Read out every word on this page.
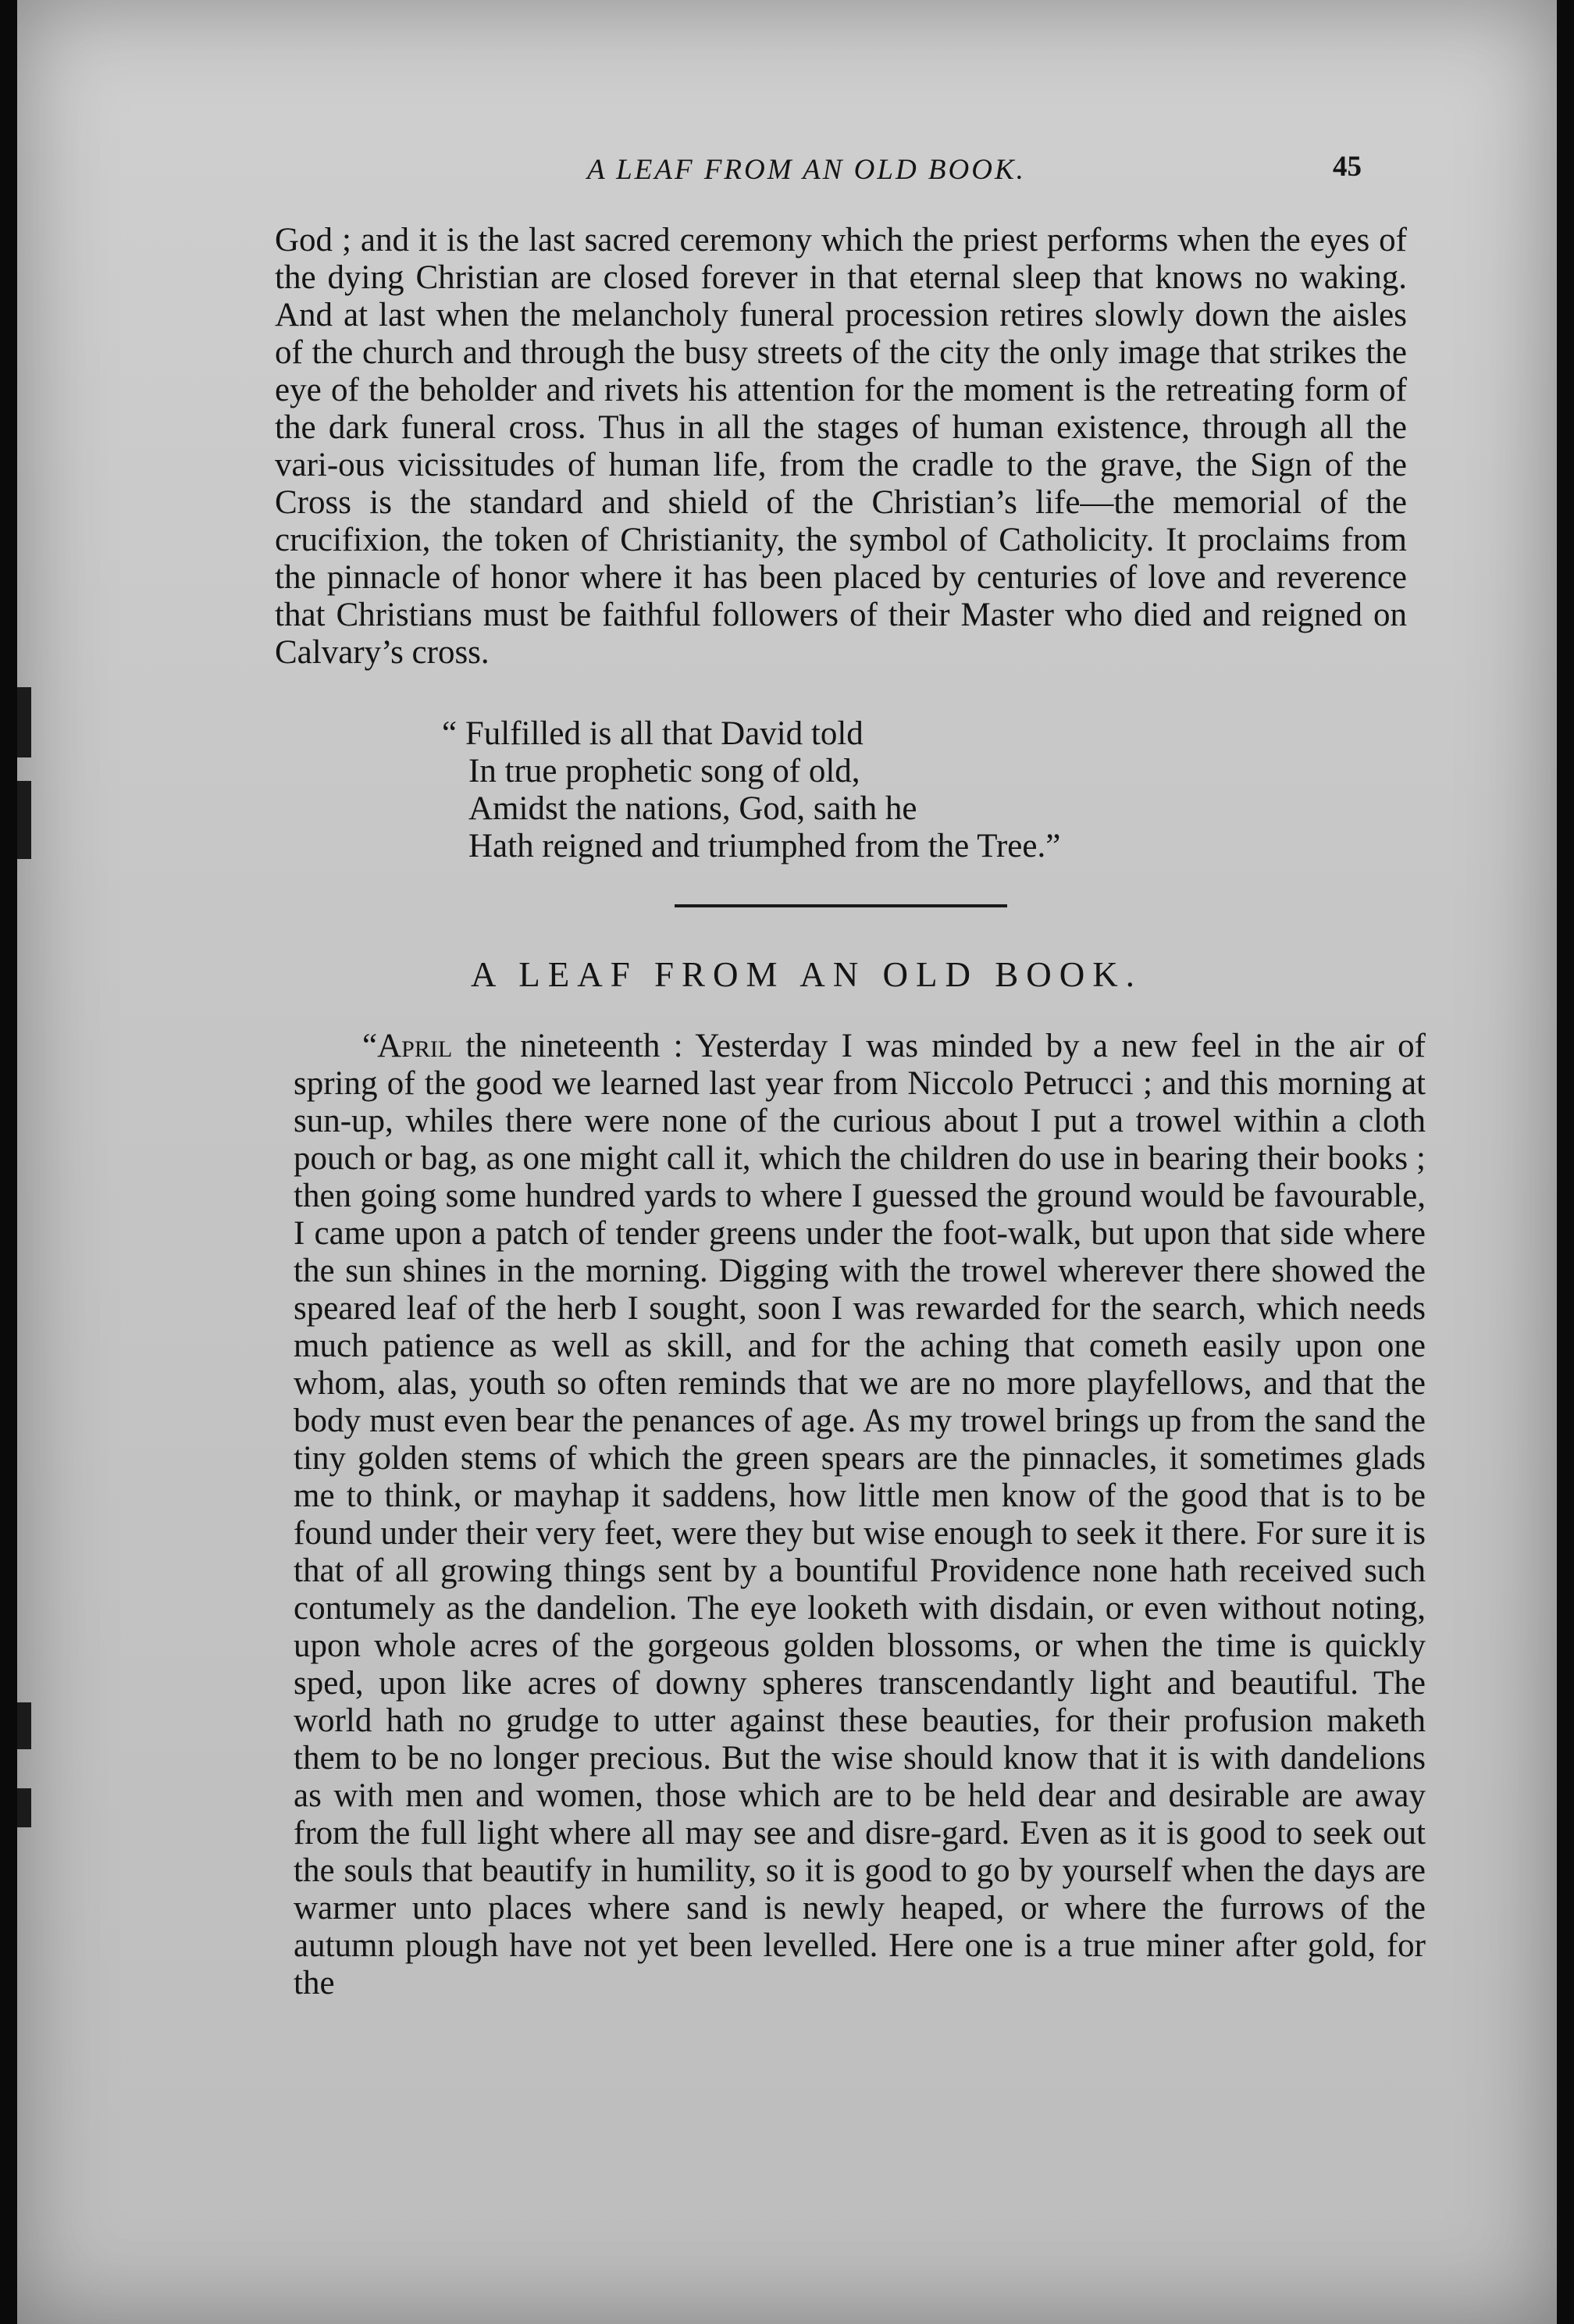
A LEAF FROM AN OLD BOOK.	45

God ; and it is the last sacred ceremony which the priest performs when the eyes of the dying Christian are closed forever in that eternal sleep that knows no waking. And at last when the melancholy funeral procession retires slowly down the aisles of the church and through the busy streets of the city the only image that strikes the eye of the beholder and rivets his attention for the moment is the retreating form of the dark funeral cross. Thus in all the stages of human existence, through all the vari-ous vicissitudes of human life, from the cradle to the grave, the Sign of the Cross is the standard and shield of the Christian’s life—the memorial of the crucifixion, the token of Christianity, the symbol of Catholicity. It proclaims from the pinnacle of honor where it has been placed by centuries of love and reverence that Christians must be faithful followers of their Master who died and reigned on Calvary’s cross.

“ Fulfilled is all that David told
In true prophetic song of old,
Amidst the nations, God, saith he
Hath reigned and triumphed from the Tree.”
A LEAF FROM AN OLD BOOK.

“April the nineteenth : Yesterday I was minded by a new feel in the air of spring of the good we learned last year from Niccolo Petrucci ; and this morning at sun-up, whiles there were none of the curious about I put a trowel within a cloth pouch or bag, as one might call it, which the children do use in bearing their books ; then going some hundred yards to where I guessed the ground would be favourable, I came upon a patch of tender greens under the foot-walk, but upon that side where the sun shines in the morning. Digging with the trowel wherever there showed the speared leaf of the herb I sought, soon I was rewarded for the search, which needs much patience as well as skill, and for the aching that cometh easily upon one whom, alas, youth so often reminds that we are no more playfellows, and that the body must even bear the penances of age. As my trowel brings up from the sand the tiny golden stems of which the green spears are the pinnacles, it sometimes glads me to think, or mayhap it saddens, how little men know of the good that is to be found under their very feet, were they but wise enough to seek it there. For sure it is that of all growing things sent by a bountiful Providence none hath received such contumely as the dandelion. The eye looketh with disdain, or even without noting, upon whole acres of the gorgeous golden blossoms, or when the time is quickly sped, upon like acres of downy spheres transcendantly light and beautiful. The world hath no grudge to utter against these beauties, for their profusion maketh them to be no longer precious. But the wise should know that it is with dandelions as with men and women, those which are to be held dear and desirable are away from the full light where all may see and disre-gard. Even as it is good to seek out the souls that beautify in humility, so it is good to go by yourself when the days are warmer unto places where sand is newly heaped, or where the furrows of the autumn plough have not yet been levelled. Here one is a true miner after gold, for the
